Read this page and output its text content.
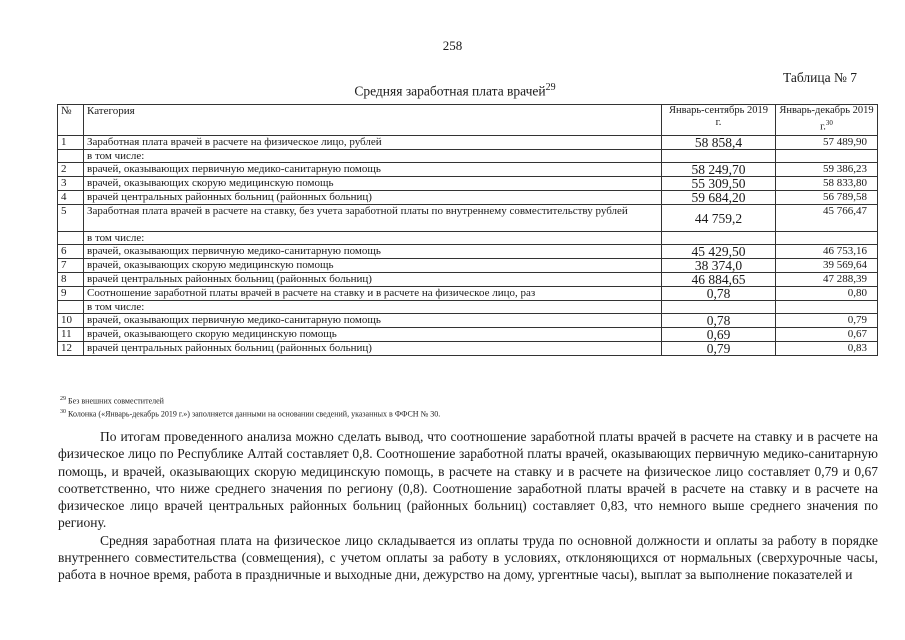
258
Таблица № 7
Средняя заработная плата врачей$^{29}$
№	Категория	Январь-сентябрь 2019 г.	Январь-декабрь 2019 г.$^{30}$
1	Заработная плата врачей в расчете на физическое лицо, рублей	58 858,4	57 489,90
	в том числе:		
2	врачей, оказывающих первичную медико-санитарную помощь	58 249,70	59 386,23
3	врачей, оказывающих скорую медицинскую помощь	55 309,50	58 833,80
4	врачей центральных районных больниц (районных больниц)	59 684,20	56 789,58
5	Заработная плата врачей в расчете на ставку, без учета заработной платы по внутреннему совместительству рублей	44 759,2	45 766,47
	в том числе:		
6	врачей, оказывающих первичную медико-санитарную помощь	45 429,50	46 753,16
7	врачей, оказывающих скорую медицинскую помощь	38 374,0	39 569,64
8	врачей центральных районных больниц (районных больниц)	46 884,65	47 288,39
9	Соотношение заработной платы врачей в расчете на ставку и в расчете на физическое лицо, раз	0,78	0,80
	в том числе:		
10	врачей, оказывающих первичную медико-санитарную помощь	0,78	0,79
11	врачей, оказывающего скорую медицинскую помощь	0,69	0,67
12	врачей центральных районных больниц (районных больниц)	0,79	0,83
$^{29}$ Без внешних совместителей
$^{30}$ Колонка («Январь-декабрь 2019 г.») заполняется данными на основании сведений, указанных в ФФСН № 30.

По итогам проведенного анализа можно сделать вывод, что соотношение заработной платы врачей в расчете на ставку и в расчете на физическое лицо по Республике Алтай составляет 0,8. Соотношение заработной платы врачей, оказывающих первичную медико-санитарную помощь, и врачей, оказывающих скорую медицинскую помощь, в расчете на ставку и в расчете на физическое лицо составляет 0,79 и 0,67 соответственно, что ниже среднего значения по региону (0,8). Соотношение заработной платы врачей в расчете на ставку и в расчете на физическое лицо врачей центральных районных больниц (районных больниц) составляет 0,83, что немного выше среднего значения по региону.

Средняя заработная плата на физическое лицо складывается из оплаты труда по основной должности и оплаты за работу в порядке внутреннего совместительства (совмещения), с учетом оплаты за работу в условиях, отклоняющихся от нормальных (сверхурочные часы, работа в ночное время, работа в праздничные и выходные дни, дежурство на дому, ургентные часы), выплат за выполнение показателей и
